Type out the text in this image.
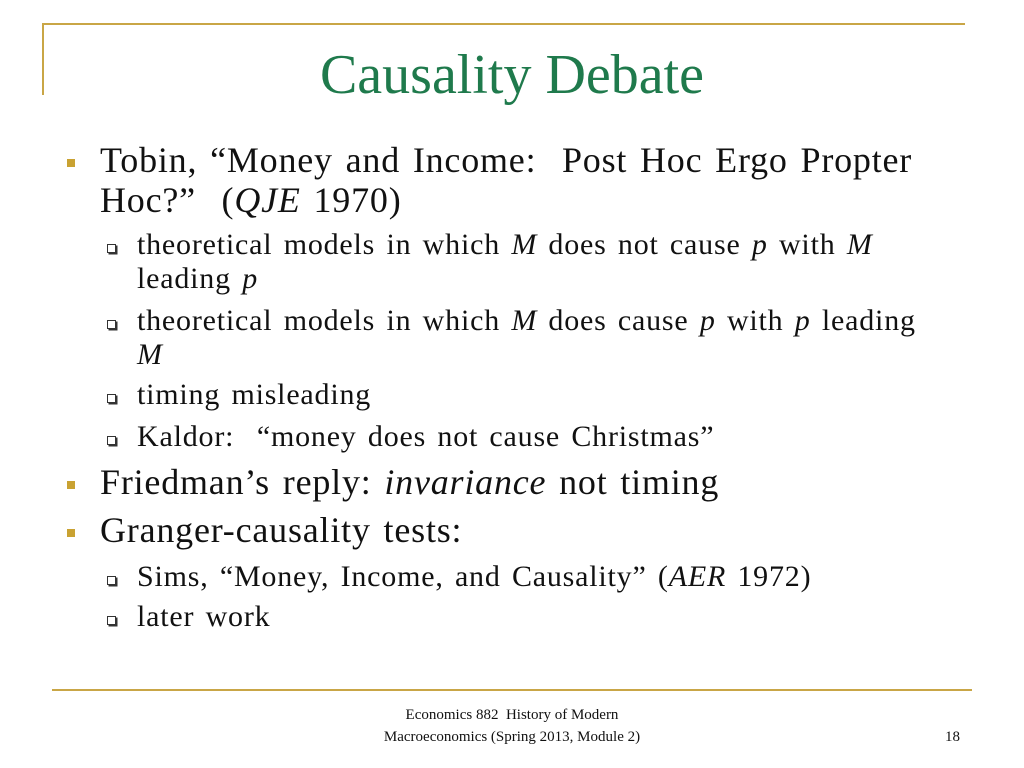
Causality Debate
Tobin, “Money and Income:  Post Hoc Ergo Propter
Hoc?”  ( QJE 1970)
theoretical models in which M does not cause p with M
leading p
theoretical models in which M does cause p with p leading
M
timing misleading
Kaldor:  “money does not cause Christmas”
Friedman’s reply: invariance not timing
Granger-causality tests:
Sims, “Money, Income, and Causality” ( AER 1972)
later work
Economics 882  History of Modern
Macroeconomics (Spring 2013, Module 2)	18
